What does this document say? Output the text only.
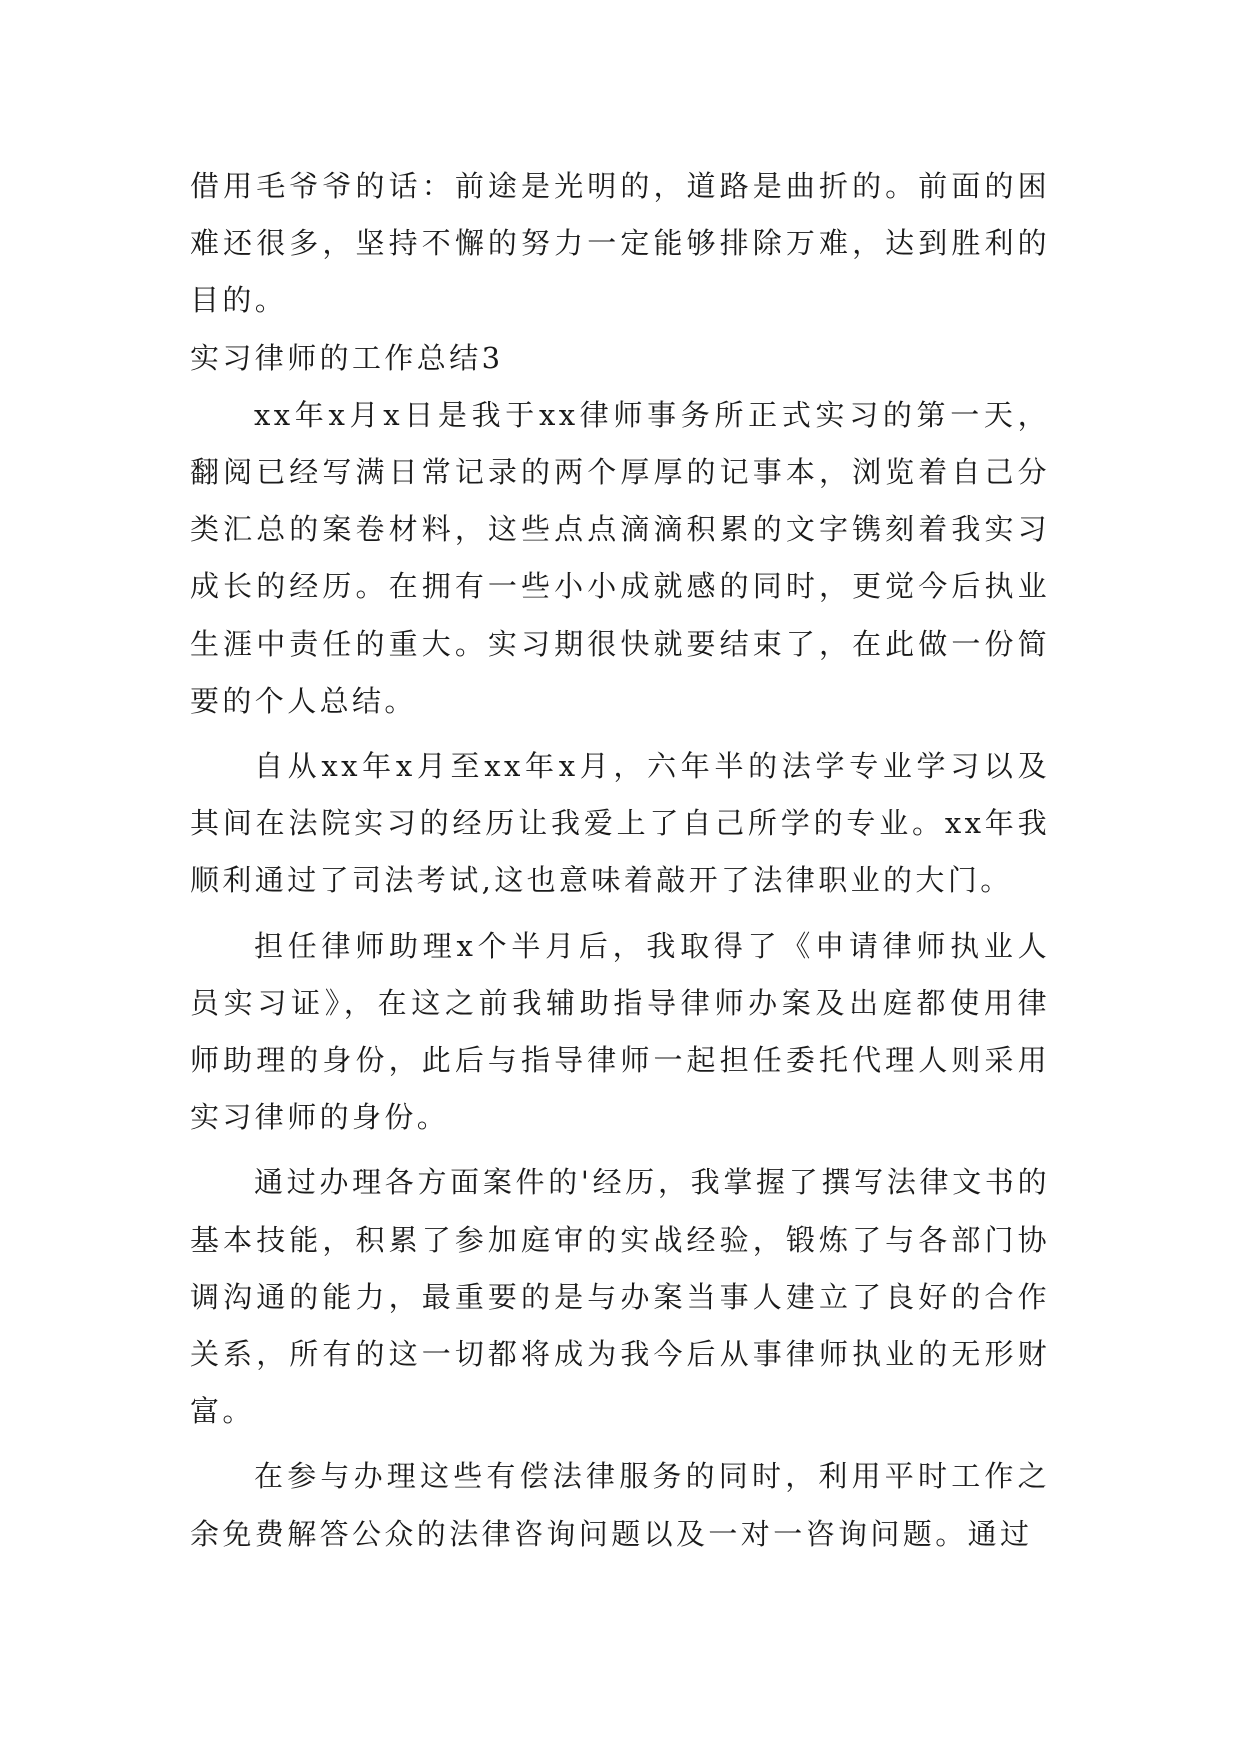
借用毛爷爷的话：前途是光明的，道路是曲折的。前面的困难还很多，坚持不懈的努力一定能够排除万难，达到胜利的目的。

实习律师的工作总结3

xx年x月x日是我于xx律师事务所正式实习的第一天，翻阅已经写满日常记录的两个厚厚的记事本，浏览着自己分类汇总的案卷材料，这些点点滴滴积累的文字镌刻着我实习成长的经历。在拥有一些小小成就感的同时，更觉今后执业生涯中责任的重大。实习期很快就要结束了，在此做一份简要的个人总结。

自从xx年x月至xx年x月，六年半的法学专业学习以及其间在法院实习的经历让我爱上了自己所学的专业。xx年我顺利通过了司法考试,这也意味着敲开了法律职业的大门。

担任律师助理x个半月后，我取得了《申请律师执业人员实习证》，在这之前我辅助指导律师办案及出庭都使用律师助理的身份，此后与指导律师一起担任委托代理人则采用实习律师的身份。

通过办理各方面案件的'经历，我掌握了撰写法律文书的基本技能，积累了参加庭审的实战经验，锻炼了与各部门协调沟通的能力，最重要的是与办案当事人建立了良好的合作关系，所有的这一切都将成为我今后从事律师执业的无形财富。

在参与办理这些有偿法律服务的同时，利用平时工作之余免费解答公众的法律咨询问题以及一对一咨询问题。通过
